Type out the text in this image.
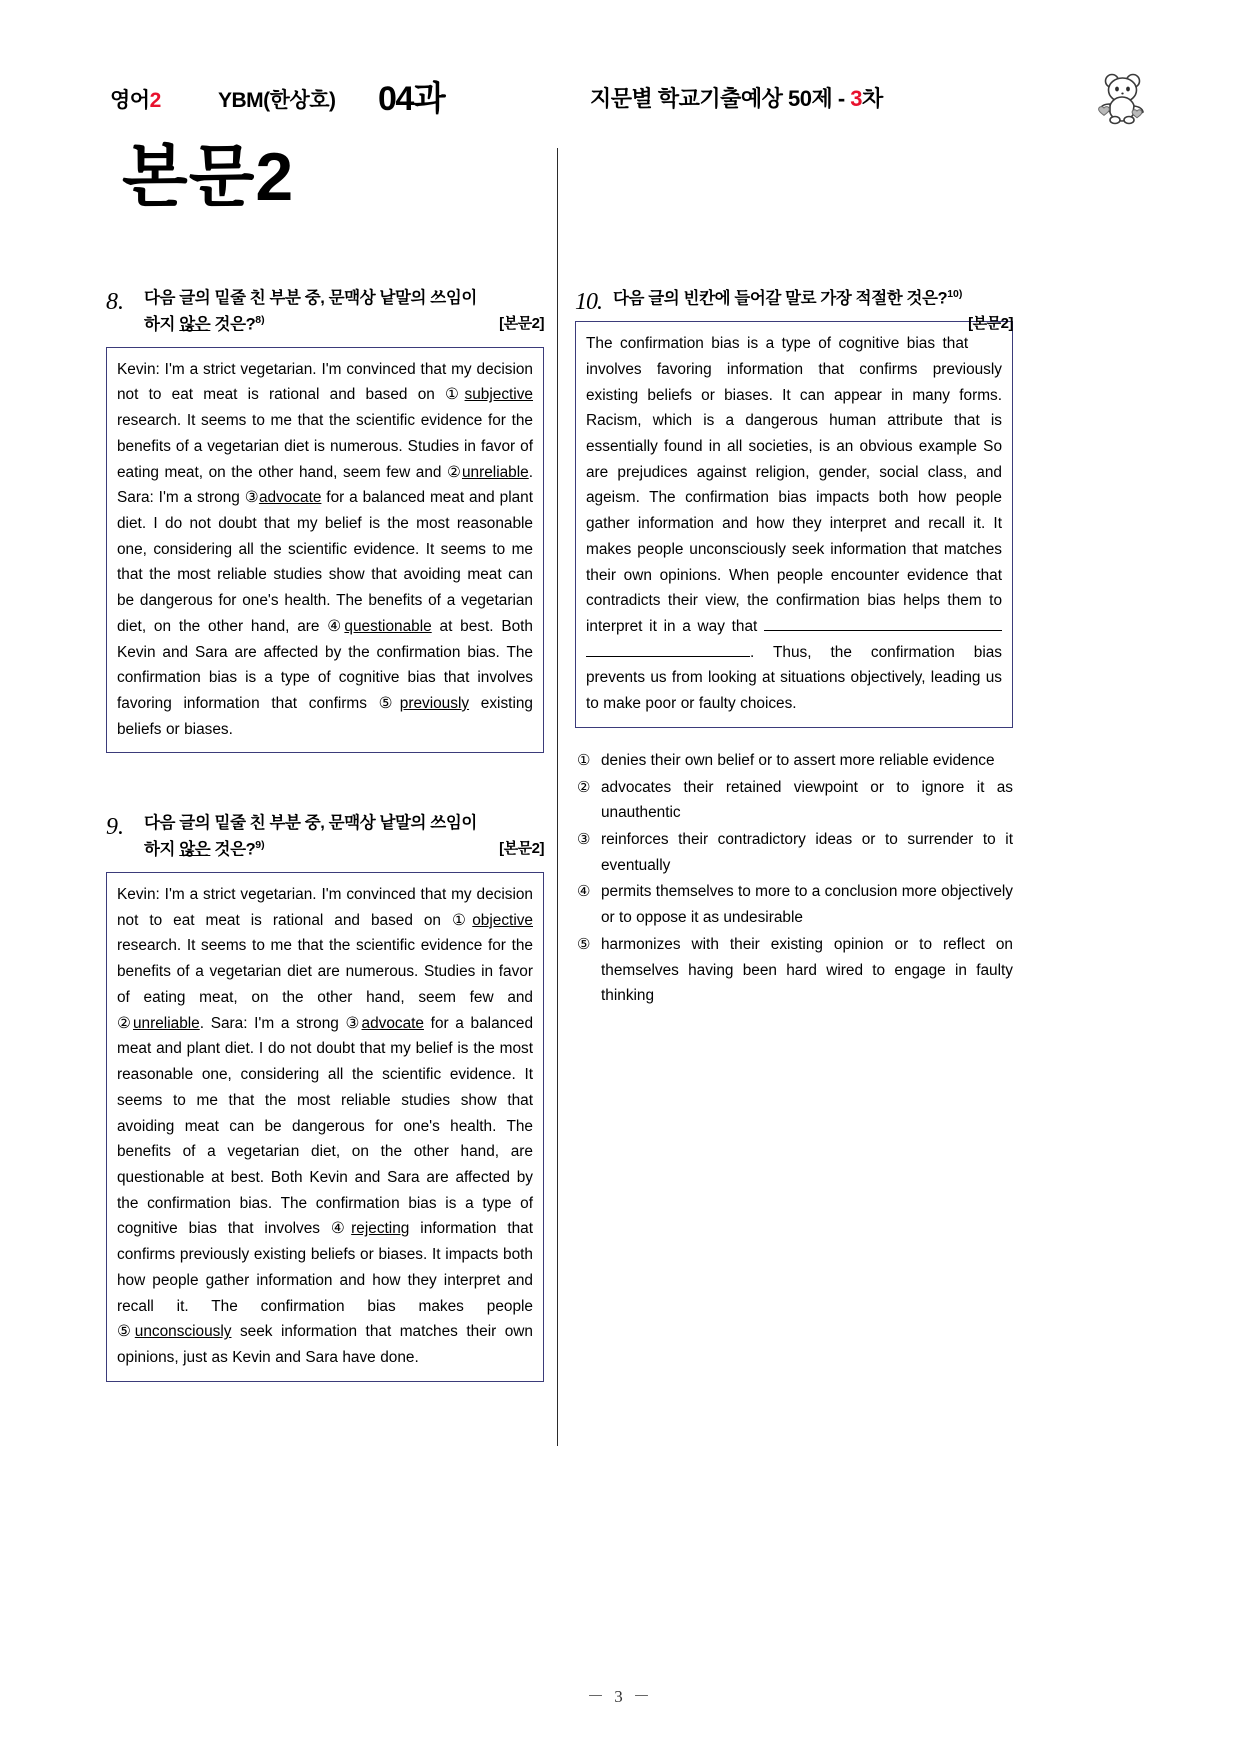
영어2	YBM(한상호) 04과	지문별 학교기출예상 50제 - 3차
본문2
8. 다음 글의 밑줄 친 부분 중, 문맥상 낱말의 쓰임이
[본문2]
하지 않은 것은?$^{8)}$

Kevin: I'm a strict vegetarian. I'm convinced that my decision not to eat meat is rational and based on ①subjective research. It seems to me that the scientific evidence for the benefits of a vegetarian diet is numerous. Studies in favor of eating meat, on the other hand, seem few and ②unreliable. Sara: I'm a strong ③advocate for a balanced meat and plant diet. I do not doubt that my belief is the most reasonable one, considering all the scientific evidence. It seems to me that the most reliable studies show that avoiding meat can be dangerous for one's health. The benefits of a vegetarian diet, on the other hand, are ④questionable at best. Both Kevin and Sara are affected by the confirmation bias. The confirmation bias is a type of cognitive bias that involves favoring information that confirms ⑤previously existing beliefs or biases.

9. 다음 글의 밑줄 친 부분 중, 문맥상 낱말의 쓰임이
[본문2]
하지 않은 것은?$^{9)}$

Kevin: I'm a strict vegetarian. I'm convinced that my decision not to eat meat is rational and based on ①objective research. It seems to me that the scientific evidence for the benefits of a vegetarian diet are numerous. Studies in favor of eating meat, on the other hand, seem few and ②unreliable. Sara: I'm a strong ③advocate for a balanced meat and plant diet. I do not doubt that my belief is the most reasonable one, considering all the scientific evidence. It seems to me that the most reliable studies show that avoiding meat can be dangerous for one's health. The benefits of a vegetarian diet, on the other hand, are questionable at best. Both Kevin and Sara are affected by the confirmation bias. The confirmation bias is a type of cognitive bias that involves ④rejecting information that confirms previously existing beliefs or biases. It impacts both how people gather information and how they interpret and recall it. The confirmation bias makes people ⑤unconsciously seek information that matches their own opinions, just as Kevin and Sara have done.

10. 다음 글의 빈칸에 들어갈 말로 가장 적절한 것은?$^{10)}$
[본문2]

The confirmation bias is a type of cognitive bias that involves favoring information that confirms previously existing beliefs or biases. It can appear in many forms. Racism, which is a dangerous human attribute that is essentially found in all societies, is an obvious example So are prejudices against religion, gender, social class, and ageism. The confirmation bias impacts both how people gather information and how they interpret and recall it. It makes people unconsciously seek information that matches their own opinions. When people encounter evidence that contradicts their view, the confirmation bias helps them to interpret it in a way that  . Thus, the confirmation bias prevents us from looking at situations objectively, leading us to make poor or faulty choices.

① denies their own belief or to assert more reliable evidence
② advocates their retained viewpoint or to ignore it as unauthentic
③ reinforces their contradictory ideas or to surrender to it eventually
④ permits themselves to more to a conclusion more objectively or to oppose it as undesirable
⑤ harmonizes with their existing opinion or to reflect on themselves having been hard wired to engage in faulty thinking
－ 3 －
